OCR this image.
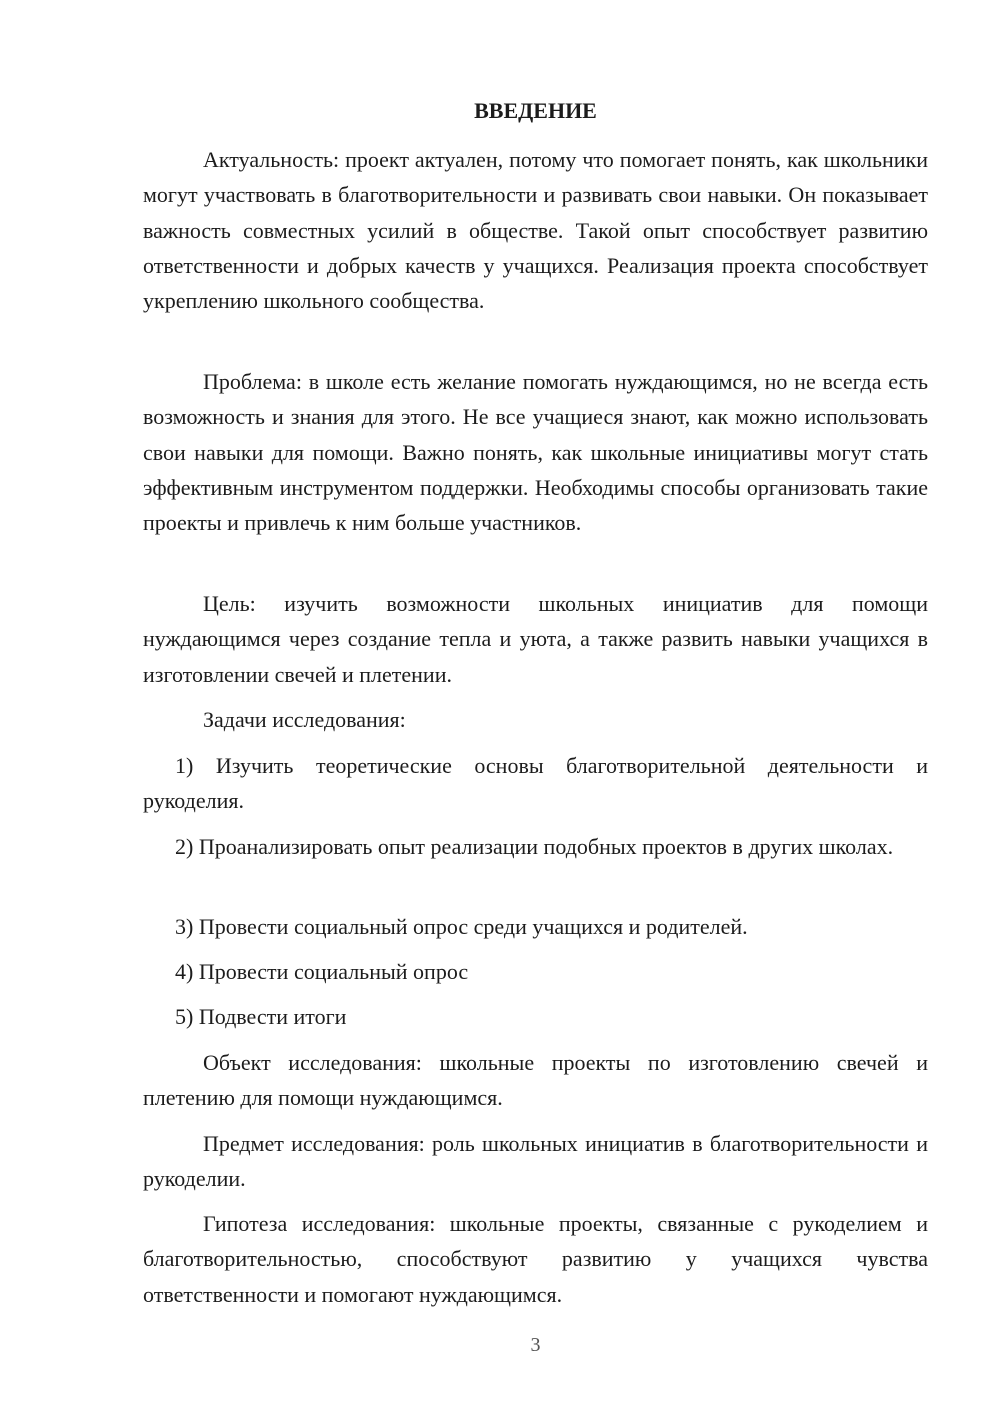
ВВЕДЕНИЕ

Актуальность: проект актуален, потому что помогает понять, как школьники могут участвовать в благотворительности и развивать свои навыки. Он показывает важность совместных усилий в обществе. Такой опыт способствует развитию ответственности и добрых качеств у учащихся. Реализация проекта способствует укреплению школьного сообщества.

Проблема: в школе есть желание помогать нуждающимся, но не всегда есть возможность и знания для этого. Не все учащиеся знают, как можно использовать свои навыки для помощи. Важно понять, как школьные инициативы могут стать эффективным инструментом поддержки. Необходимы способы организовать такие проекты и привлечь к ним больше участников.

Цель: изучить возможности школьных инициатив для помощи нуждающимся через создание тепла и уюта, а также развить навыки учащихся в изготовлении свечей и плетении.

Задачи исследования:

1) Изучить теоретические основы благотворительной деятельности и рукоделия.

2) Проанализировать опыт реализации подобных проектов в других школах.

3) Провести социальный опрос среди учащихся и родителей.

4) Провести социальный опрос

5) Подвести итоги

Объект исследования: школьные проекты по изготовлению свечей и плетению для помощи нуждающимся.

Предмет исследования: роль школьных инициатив в благотворительности и рукоделии.

Гипотеза исследования: школьные проекты, связанные с рукоделием и благотворительностью, способствуют развитию у учащихся чувства ответственности и помогают нуждающимся.

3
